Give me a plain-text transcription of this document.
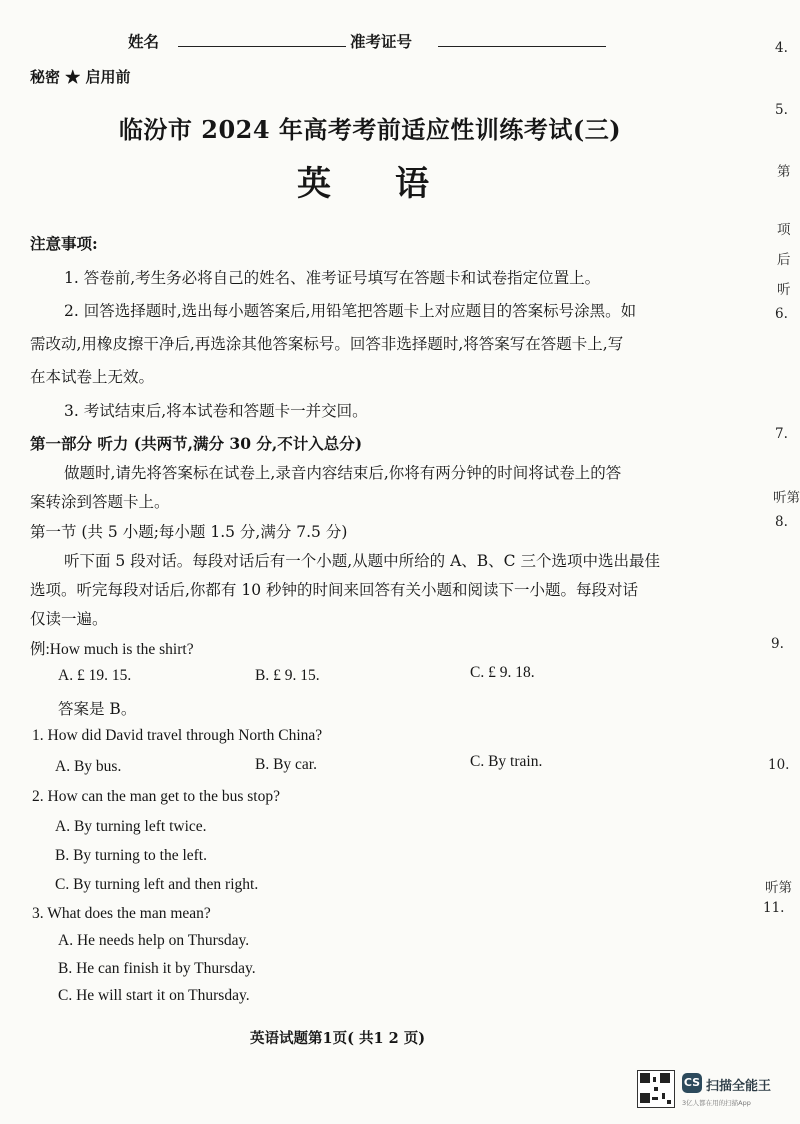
姓名	准考证号
秘密 ★ 启用前
临汾市 2024 年高考考前适应性训练考试(三)
英语
注意事项:
1. 答卷前,考生务必将自己的姓名、准考证号填写在答题卡和试卷指定位置上。
2. 回答选择题时,选出每小题答案后,用铅笔把答题卡上对应题目的答案标号涂黑。如
需改动,用橡皮擦干净后,再选涂其他答案标号。回答非选择题时,将答案写在答题卡上,写
在本试卷上无效。
3. 考试结束后,将本试卷和答题卡一并交回。
第一部分 听力 (共两节,满分 30 分,不计入总分)
做题时,请先将答案标在试卷上,录音内容结束后,你将有两分钟的时间将试卷上的答
案转涂到答题卡上。
第一节 (共 5 小题;每小题 1.5 分,满分 7.5 分)
听下面 5 段对话。每段对话后有一个小题,从题中所给的 A、B、C 三个选项中选出最佳
选项。听完每段对话后,你都有 10 秒钟的时间来回答有关小题和阅读下一小题。每段对话
仅读一遍。
例:How much is the shirt?
A. £ 19. 15.	B. £ 9. 15.	C. £ 9. 18.
答案是 B。
1. How did David travel through North China?
A. By bus.	B. By car.	C. By train.
2. How can the man get to the bus stop?
A. By turning left twice.
B. By turning to the left.
C. By turning left and then right.
3. What does the man mean?
A. He needs help on Thursday.
B. He can finish it by Thursday.
C. He will start it on Thursday.
英语试题第1页( 共1 2 页)
4.
5.
第
项
后
听
6.
7.
听第
8.
9.
10.
听第
11.
CS 扫描全能王
3亿人都在用的扫描App
